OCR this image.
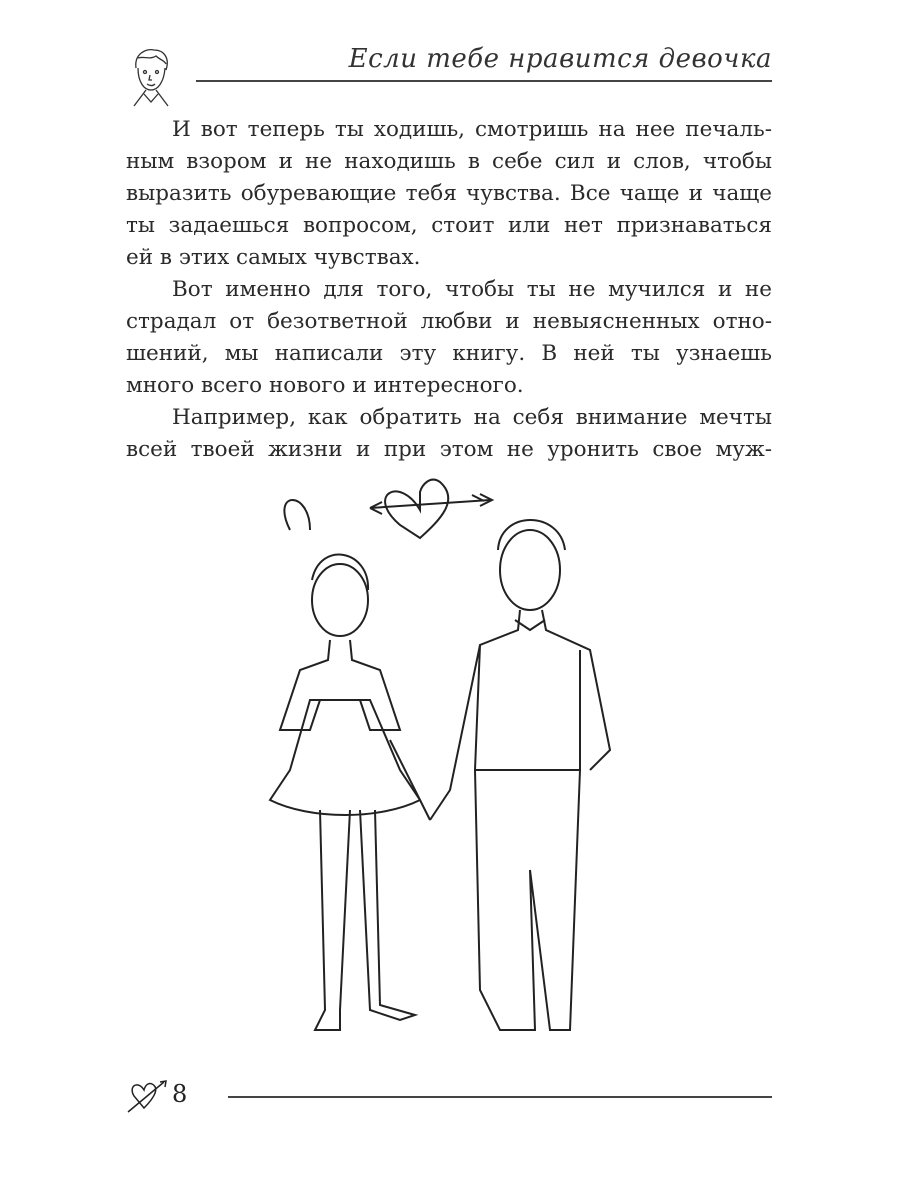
Если тебе нравится девочка
И вот теперь ты ходишь, смотришь на нее печаль-
ным взором и не находишь в себе сил и слов, чтобы
выразить обуревающие тебя чувства. Все чаще и чаще
ты задаешься вопросом, стоит или нет признаваться
ей в этих самых чувствах.
Вот именно для того, чтобы ты не мучился и не
страдал от безответной любви и невыясненных отно-
шений, мы написали эту книгу. В ней ты узнаешь
много всего нового и интересного.
Например, как обратить на себя внимание мечты
всей твоей жизни и при этом не уронить свое муж-
8
